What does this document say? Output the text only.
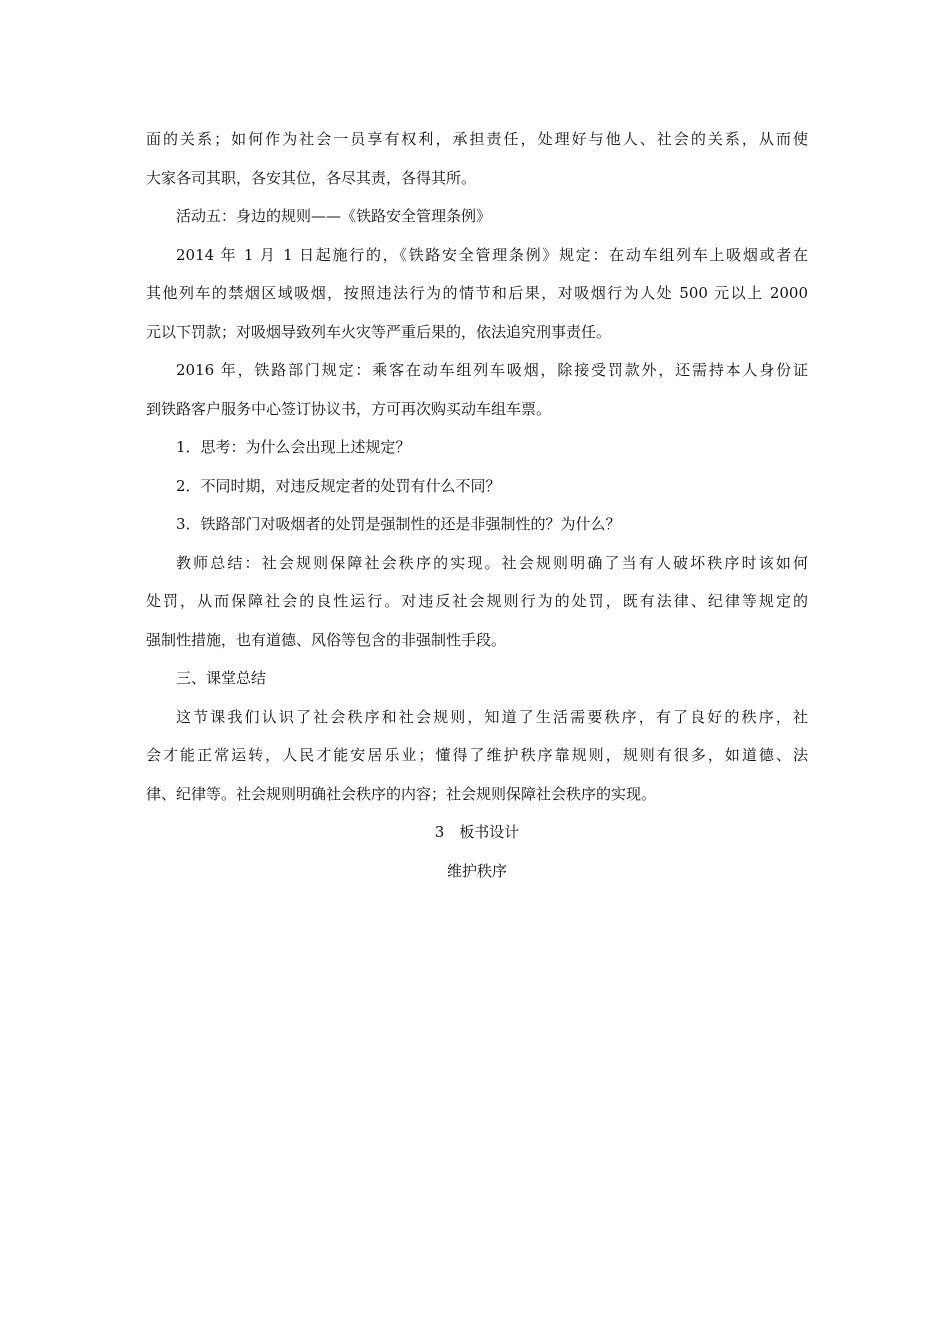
面的关系；如何作为社会一员享有权利，承担责任，处理好与他人、社会的关系，从而使
大家各司其职，各安其位，各尽其责，各得其所。
活动五：身边的规则——《铁路安全管理条例》
2014 年 1 月 1 日起施行的，《铁路安全管理条例》规定：在动车组列车上吸烟或者在
其他列车的禁烟区域吸烟，按照违法行为的情节和后果，对吸烟行为人处 500 元以上 2000
元以下罚款；对吸烟导致列车火灾等严重后果的，依法追究刑事责任。
2016 年，铁路部门规定：乘客在动车组列车吸烟，除接受罚款外，还需持本人身份证
到铁路客户服务中心签订协议书，方可再次购买动车组车票。
1．思考：为什么会出现上述规定？
2．不同时期，对违反规定者的处罚有什么不同？
3．铁路部门对吸烟者的处罚是强制性的还是非强制性的？为什么？
教师总结：社会规则保障社会秩序的实现。社会规则明确了当有人破坏秩序时该如何
处罚，从而保障社会的良性运行。对违反社会规则行为的处罚，既有法律、纪律等规定的
强制性措施，也有道德、风俗等包含的非强制性手段。
三、课堂总结
这节课我们认识了社会秩序和社会规则，知道了生活需要秩序，有了良好的秩序，社
会才能正常运转，人民才能安居乐业；懂得了维护秩序靠规则，规则有很多，如道德、法
律、纪律等。社会规则明确社会秩序的内容；社会规则保障社会秩序的实现。
3　板书设计
维护秩序
